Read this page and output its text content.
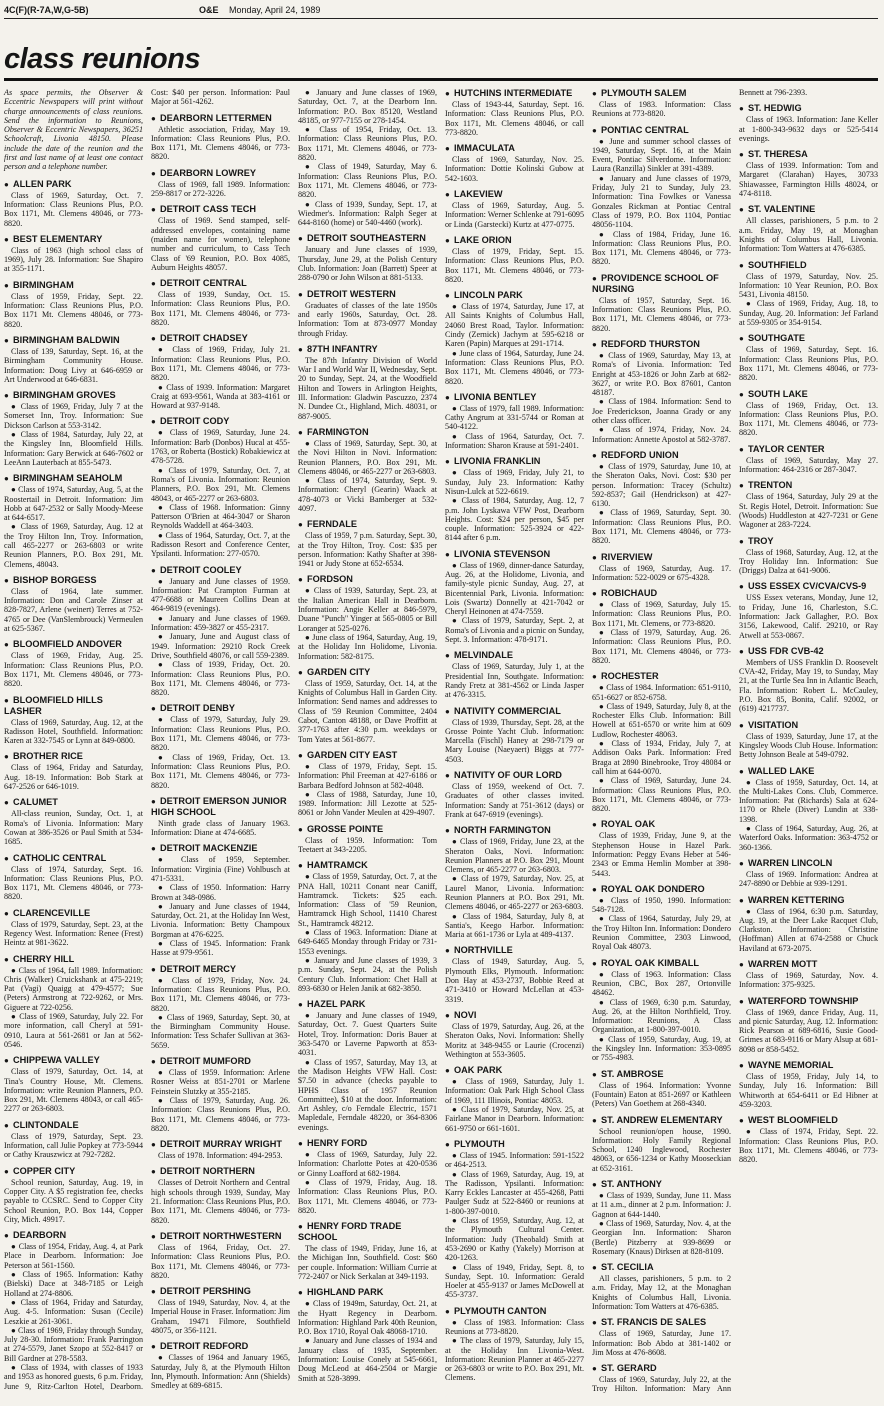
4C(F)(R-7A,W,G-5B)	O&E Monday, April 24, 1989
class reunions

As space permits, the Observer & Eccentric Newspapers will print without charge announcements of class reunions. Send the information to Reunions, Observer & Eccentric Newspapers, 36251 Schoolcraft, Livonia 48150. Please include the date of the reunion and the first and last name of at least one contact person and a telephone number.

● ALLEN PARK

Class of 1969, Saturday, Oct. 7. Information: Class Reunions Plus, P.O. Box 1171, Mt. Clemens 48046, or 773-8820.

● BEST ELEMENTARY

Class of 1963 (high school class of 1969), July 28. Information: Sue Shapiro at 355-1171.

● BIRMINGHAM

Class of 1959, Friday, Sept. 22. Information: Class Reunions Plus, P.O. Box 1171 Mt. Clemens 48046, or 773-8820.

● BIRMINGHAM BALDWIN

Class of 139, Saturday, Sept. 16, at the Birmingham Community House. Information: Doug Livy at 646-6959 or Art Underwood at 646-6831.

● BIRMINGHAM GROVES

● Class of 1969, Friday, July 7 at the Somerset Inn, Troy. Information: Sue Dickson Carlson at 553-3142.

● Class of 1984, Saturday, July 22, at the Kingsley Inn, Bloomfield Hills. Information: Gary Berwick at 646-7602 or LeeAnn Lauterbach at 855-5473.

● BIRMINGHAM SEAHOLM

● Class of 1974, Saturday, Aug. 5, at the Roostertail in Detroit. Information: Jim Hobb at 647-2532 or Sally Moody-Meese at 644-6517.

● Class of 1969, Saturday, Aug. 12 at the Troy Hilton Inn, Troy. Information, call 465-2277 or 263-6803 or write Reunion Planners, P.O. Box 291, Mt. Clemens, 48043.

● BISHOP BORGESS

Class of 1964, late summer. Information: Don and Carole Zinser at 828-7827, Arlene (weinert) Terres at 752-4765 or Dee (VanSlembrouck) Vermeulen at 625-5367.

● BLOOMFIELD ANDOVER

Class of 1969, Friday, Aug. 25. Information: Class Reunions Plus, P.O. Box 1171, Mt. Clemens 48046, or 773-8820.

● BLOOMFIELD HILLS LASHER

Class of 1969, Saturday, Aug. 12, at the Radisson Hotel, Southfield. Information: Karen at 332-7545 or Lynn at 849-0800.

● BROTHER RICE

Class of 1964, Friday and Saturday, Aug. 18-19. Information: Bob Stark at 647-2526 or 646-1019.

● CALUMET

All-class reunion, Sunday, Oct. 1, at Roma's of Livonia. Information: Mary Cowan at 386-3526 or Paul Smith at 534-1685.

● CATHOLIC CENTRAL

Class of 1974, Saturday, Sept. 16. Information: Class Reunions Plus, P.O. Box 1171, Mt. Clemens 48046, or 773-8820.

● CLARENCEVILLE

Class of 1979, Saturday, Sept. 23, at the Regency West. Information: Renee (Frest) Heintz at 981-3622.

● CHERRY HILL

● Class of 1964, fall 1989. Information: Chris (Walker) Cruickshank at 475-2219; Pat (Vagi) Quaigg at 479-4577; Sue (Peters) Armstrong at 722-9262, or Mrs. Giguere at 722-0256.

● Class of 1969, Saturday, July 22. For more information, call Cheryl at 591-0910, Laura at 561-2681 or Jan at 562-0546.

● CHIPPEWA VALLEY

Class of 1979, Saturday, Oct. 14, at Tina's Country House, Mt. Clemens. Information: write Reunion Planners, P.O. Box 291, Mt. Clemens 48043, or call 465-2277 or 263-6803.

● CLINTONDALE

Class of 1979, Saturday, Sept. 23. Information, call Julie Popkey at 773-5944 or Cathy Krauszwicz at 792-7282.

● COPPER CITY

School reunion, Saturday, Aug. 19, in Copper City. A $5 registration fee, checks payable to CCSRC. Send to Copper City School Reunion, P.O. Box 144, Copper City, Mich. 49917.

● DEARBORN

● Class of 1954, Friday, Aug. 4, at Park Place in Dearborn. Information: Joe Peterson at 561-1560.

● Class of 1965. Information: Kathy (Bielski) Dace at 348-7185 or Leigh Holland at 274-8806.

● Class of 1964, Friday and Saturday, Aug. 4-5. Information: Susan (Cecile) Leszkie at 261-3061.

● Class of 1969, Friday through Sunday, July 28-30. Information: Frank Parrington at 274-5579, Janet Szopo at 552-8417 or Bill Gardner at 278-5583.

● Class of 1934, with classes of 1933 and 1953 as honored guests, 6 p.m. Friday, June 9, Ritz-Carlton Hotel, Dearborn. Cost: $40 per person. Information: Paul Major at 561-4262.

● DEARBORN LETTERMEN

Athletic association, Friday, May 19. Information: Class Reunions Plus, P.O. Box 1171, Mt. Clemens 48046, or 773-8820.

● DEARBORN LOWREY

Class of 1969, fall 1989. Information: 259-8817 or 272-3226.

● DETROIT CASS TECH

Class of 1969. Send stamped, self-addressed envelopes, containing name (maiden name for women), telephone number and curriculum, to Cass Tech Class of '69 Reunion, P.O. Box 4085, Auburn Heights 48057.

● DETROIT CENTRAL

Class of 1939, Sunday, Oct. 15. Information: Class Reunions Plus, P.O. Box 1171, Mt. Clemens 48046, or 773-8820.

● DETROIT CHADSEY

● Class of 1969, Friday, July 21. Information: Class Reunions Plus, P.O. Box 1171, Mt. Clemens 48046, or 773-8820.

● Class of 1939. Information: Margaret Craig at 693-9561, Wanda at 383-4161 or Howard at 937-9148.

● DETROIT CODY

● Class of 1969, Saturday, June 24. Information: Barb (Donbos) Hucal at 455-1763, or Roberta (Bostick) Robakiewicz at 478-5728.

● Class of 1979, Saturday, Oct. 7, at Roma's of Livonia. Information: Reunion Planners, P.O. Box 291, Mt. Clemens 48043, or 465-2277 or 263-6803.

● Class of 1968. Information: Ginny Patterson O'Brien at 464-3047 or Sharon Reynolds Waddell at 464-3403.

● Class of 1964, Saturday, Oct. 7, at the Radisson Resort and Conference Center, Ypsilanti. Information: 277-0570.

● DETROIT COOLEY

● January and June classes of 1959. Information: Pat Crampton Furman at 477-6688 or Maureen Collins Dean at 464-9819 (evenings).

● January and June classes of 1969. Information: 459-3827 or 455-2317.

● January, June and August class of 1949. Information: 29210 Rock Creek Drive, Southfield 48076, or call 559-2389.

● Class of 1939, Friday, Oct. 20. Information: Class Reunions Plus, P.O. Box 1171, Mt. Clemens 48046, or 773-8820.

● DETROIT DENBY

● Class of 1979, Saturday, July 29. Information: Class Reunions Plus, P.O. Box 1171, Mt. Clemens 48046, or 773-8820.

● Class of 1969, Friday, Oct. 13. Information: Class Reunions Plus, P.O. Box 1171, Mt. Clemens 48046, or 773-8820.

● DETROIT EMERSON JUNIOR HIGH SCHOOL

Ninth grade class of January 1963. Information: Diane at 474-6685.

● DETROIT MACKENZIE

● Class of 1959, September. Information: Virginia (Fine) Vohlbusch at 471-5331.

● Class of 1950. Information: Harry Brown at 348-0986.

● January and June classes of 1944, Saturday, Oct. 21, at the Holiday Inn West, Livonia. Information: Betty Champoux Borgman at 476-6225.

● Class of 1945. Information: Frank Hasse at 979-9561.

● DETROIT MERCY

● Class of 1979, Friday, Nov. 24. Information: Class Reunions Plus, P.O. Box 1171, Mt. Clemens 48046, or 773-8820.

● Class of 1969, Saturday, Sept. 30, at the Birmingham Community House. Information: Tess Schafer Sullivan at 363-5659.

● DETROIT MUMFORD

● Class of 1959. Information: Arlene Rosner Weiss at 851-2701 or Marlene Feinstein Slutzky at 355-2185.

● Class of 1979, Saturday, Aug. 26. Information: Class Reunions Plus, P.O. Box 1171, Mt. Clemens 48046, or 773-8820.

● DETROIT MURRAY WRIGHT

Class of 1978. Information: 494-2953.

● DETROIT NORTHERN

Classes of Detroit Northern and Central high schools through 1939, Sunday, May 21. Information: Class Reunions Plus, P.O. Box 1171, Mt. Clemens 48046, or 773-8820.

● DETROIT NORTHWESTERN

Class of 1964, Friday, Oct. 27. Information: Class Reunions Plus, P.O. Box 1171, Mt. Clemens 48046, or 773-8820.

● DETROIT PERSHING

Class of 1949, Saturday, Nov. 4, at the Imperial House in Fraser. Information: Jim Graham, 19471 Filmore, Southfield 48075, or 356-1121.

● DETROIT REDFORD

● Classes of 1964 and January 1965, Saturday, July 8, at the Plymouth Hilton Inn, Plymouth. Information: Ann (Shields) Smedley at 689-6815.

● January and June classes of 1969, Saturday, Oct. 7, at the Dearborn Inn. Information: P.O. Box 85120, Westland 48185, or 977-7155 or 278-1454.

● Class of 1954, Friday, Oct. 13. Information: Class Reunions Plus, P.O. Box 1171, Mt. Clemens 48046, or 773-8820.

● Class of 1949, Saturday, May 6. Information: Class Reunions Plus, P.O. Box 1171, Mt. Clemens 48046, or 773-8820.

● Class of 1939, Sunday, Sept. 17, at Wiedmer's. Information: Ralph Seger at 644-8160 (home) or 540-4460 (work).

● DETROIT SOUTHEASTERN

January and June classes of 1939, Thursday, June 29, at the Polish Century Club. Information: Joan (Barrett) Speer at 288-0790 or John Wilson at 881-5133.

● DETROIT WESTERN

Graduates of classes of the late 1950s and early 1960s, Saturday, Oct. 28. Information: Tom at 873-0977 Monday through Friday.

● 87TH INFANTRY

The 87th Infantry Division of World War I and World War II, Wednesday, Sept. 20 to Sunday, Sept. 24, at the Woodfield Hilton and Towers in Arlington Heights, Ill. Information: Gladwin Pascuzzo, 2374 N. Dundee Ct., Highland, Mich. 48031, or 887-9005.

● FARMINGTON

● Class of 1969, Saturday, Sept. 30, at the Novi Hilton in Novi. Information: Reunion Planners, P.O. Box 291, Mt. Clemens 48046, or 465-2277 or 263-6803.

● Class of 1974, Saturday, Sept. 9. Information: Cheryl (Gearin) Waack at 478-4073 or Vicki Bamberger at 532-4097.

● FERNDALE

Class of 1959, 7 p.m. Saturday, Sept. 30, at the Troy Hilton, Troy. Cost: $35 per person. Information: Kathy Shafter at 398-1941 or Judy Stone at 652-6534.

● FORDSON

● Class of 1939, Saturday, Sept. 23, at the Italian American Hall in Dearborn. Information: Angie Keller at 846-5979, Duane "Punch" Yinger at 565-0805 or Bill Loranger at 525-0276.

● June class of 1964, Saturday, Aug. 19, at the Holiday Inn Holidome, Livonia. Information: 582-8175.

● GARDEN CITY

Class of 1959, Saturday, Oct. 14, at the Knights of Columbus Hall in Garden City. Information: Send names and addresses to Class of '59 Reunion Committee, 2404 Cabot, Canton 48188, or Dave Proffitt at 377-1763 after 4:30 p.m. weekdays or Tom Yates at 561-8677.

● GARDEN CITY EAST

● Class of 1979, Friday, Sept. 15. Information: Phil Freeman at 427-6186 or Barbara Bedford Johnson at 582-4048.

● Class of 1988, Saturday, June 10, 1989. Information: Jill Lezotte at 525-8061 or John Vander Meulen at 429-4907.

● GROSSE POINTE

Class of 1959. Information: Tom Teetaert at 343-2205.

● HAMTRAMCK

● Class of 1959, Saturday, Oct. 7, at the PNA Hall, 10211 Conant near Caniff, Hamtramck. Tickets: $25 each. Information: Class of '59 Reunion, Hamtramck High School, 11410 Charest St., Hamtramck 48212.

● Class of 1963. Information: Diane at 649-6465 Monday through Friday or 731-1553 evenings.

● January and June classes of 1939, 3 p.m. Sunday, Sept. 24, at the Polish Century Club. Information: Chet Hall at 893-6830 or Helen Janik at 682-3850.

● HAZEL PARK

● January and June classes of 1949, Saturday, Oct. 7. Guest Quarters Suite Hotel, Troy. Information: Doris Bauer at 363-5470 or Laverne Papworth at 853-4031.

● Class of 1957, Saturday, May 13, at the Madison Heights VFW Hall. Cost: $7.50 in advance (checks payable to HPHS Class of 1957 Reunion Committee), $10 at the door. Information: Art Ashley, c/o Ferndale Electric, 1571 Mapledale, Ferndale 48220, or 364-8306 evenings.

● HENRY FORD

● Class of 1969, Saturday, July 22. Information: Charlotte Potes at 420-0536 or Ginny Loafford at 682-1984.

● Class of 1979, Friday, Aug. 18. Information: Class Reunions Plus, P.O. Box 1171, Mt. Clemens 48046, or 773-8820.

● HENRY FORD TRADE SCHOOL

The class of 1949, Friday, June 16, at the Michigan Inn, Southfield. Cost: $60 per couple. Information: William Currie at 772-2407 or Nick Serkalan at 349-1193.

● HIGHLAND PARK

● Class of 1949m, Saturday, Oct. 21, at the Hyatt Regency in Dearborn. Information: Highland Park 40th Reunion, P.O. Box 1710, Royal Oak 48068-1710.

● January and June classes of 1934 and January class of 1935, September. Information: Louise Conely at 545-6661, Doug McLeod at 464-2504 or Margie Smith at 528-3899.

● HUTCHINS INTERMEDIATE

Class of 1943-44, Saturday, Sept. 16. Information: Class Reunions Plus, P.O. Box 1171, Mt. Clemens 48046, or call 773-8820.

● IMMACULATA

Class of 1969, Saturday, Nov. 25. Information: Dottie Kolinski Gubow at 542-1603.

● LAKEVIEW

Class of 1969, Saturday, Aug. 5. Information: Werner Schlenke at 791-6095 or Linda (Garstecki) Kurtz at 477-0775.

● LAKE ORION

Class of 1979, Friday, Sept. 15. Information: Class Reunions Plus, P.O. Box 1171, Mt. Clemens 48046, or 773-8820.

● LINCOLN PARK

● Class of 1974, Saturday, June 17, at All Saints Knights of Columbus Hall, 24060 Brest Road, Taylor. Information: Cindy (Zernick) Jachym at 595-6218 or Karen (Papin) Marques at 291-1714.

● June class of 1964, Saturday, June 24. Information: Class Reunions Plus, P.O. Box 1171, Mt. Clemens 48046, or 773-8820.

● LIVONIA BENTLEY

● Class of 1979, fall 1989. Information: Cathy Angrum at 331-5744 or Roman at 540-4122.

● Class of 1964, Saturday, Oct. 7. Information: Sharon Krause at 591-2401.

● LIVONIA FRANKLIN

● Class of 1969, Friday, July 21, to Sunday, July 23. Information: Kathy Nisun-Lulck at 522-6619.

● Class of 1984, Saturday, Aug. 12, 7 p.m. John Lyskawa VFW Post, Dearborn Heights. Cost: $24 per person, $45 per couple. Information: 525-3924 or 422-8144 after 6 p.m.

● LIVONIA STEVENSON

● Class of 1969, dinner-dance Saturday, Aug. 26, at the Holidome, Livonia, and family-style picnic Sunday, Aug. 27, at Bicentennial Park, Livonia. Information: Lois (Swartz) Donnelly at 421-7042 or Cheryl Heinonen at 474-7559.

● Class of 1979, Saturday, Sept. 2, at Roma's of Livonia and a picnic on Sunday, Sept. 3. Information: 478-9171.

● MELVINDALE

Class of 1969, Saturday, July 1, at the Presidential Inn, Southgate. Information: Randy Fretz at 381-4562 or Linda Jasper at 476-3315.

● NATIVITY COMMERCIAL

Class of 1939, Thursday, Sept. 28, at the Grosse Pointe Yacht Club. Information: Marcella (Fischl) Haney at 298-7179 or Mary Louise (Naeyaert) Biggs at 777-4503.

● NATIVITY OF OUR LORD

Class of 1959, weekend of Oct. 7. Graduates of other classes invited. Information: Sandy at 751-3612 (days) or Frank at 647-6919 (evenings).

● NORTH FARMINGTON

● Class of 1969, Friday, June 23, at the Sheraton Oaks, Novi. Information: Reunion Planners at P.O. Box 291, Mount Clemens, or 465-2277 or 263-6803.

● Class of 1979, Saturday, Nov. 25, at Laurel Manor, Livonia. Information: Reunion Planners at P.O. Box 291, Mt. Clemens 48046, or 465-2277 or 263-6803.

● Class of 1984, Saturday, July 8, at Santia's, Keego Harbor. Information: Maria at 661-1736 or Lyla at 489-4137.

● NORTHVILLE

Class of 1949, Saturday, Aug. 5, Plymouth Elks, Plymouth. Information: Don Hay at 453-2737, Bobbie Reed at 471-3410 or Howard McLellan at 453-3319.

● NOVI

Class of 1979, Saturday, Aug. 26, at the Sheraton Oaks, Novi. Information: Shelly Moritz at 348-9455 or Laurie (Crocenzi) Wethington at 553-3605.

● OAK PARK

● Class of 1969, Saturday, July 1. Information: Oak Park High School Class of 1969, 111 Illinois, Pontiac 48053.

● Class of 1979, Saturday, Nov. 25, at Fairlane Manor in Dearborn. Information: 661-9750 or 661-1601.

● PLYMOUTH

● Class of 1945. Information: 591-1522 or 464-2513.

● Class of 1969, Saturday, Aug. 19, at The Radisson, Ypsilanti. Information: Karry Eckles Lancaster at 455-4268, Patti Paulger Sudz at 522-8460 or reunions at 1-800-397-0010.

● Class of 1959, Saturday, Aug. 12, at the Plymouth Cultural Center. Information: Judy (Theobald) Smith at 453-2690 or Kathy (Yakely) Morrison at 420-1263.

● Class of 1949, Friday, Sept. 8, to Sunday, Sept. 10. Information: Gerald Hoeler at 455-9137 or James McDowell at 455-3737.

● PLYMOUTH CANTON

● Class of 1983. Information: Class Reunions at 773-8820.

● The class of 1979, Saturday, July 15, at the Holiday Inn Livonia-West. Information: Reunion Planner at 465-2277 or 263-6803 or write to P.O. Box 291, Mt. Clemens.

● PLYMOUTH SALEM

Class of 1983. Information: Class Reunions at 773-8820.

● PONTIAC CENTRAL

● June and summer school classes of 1949, Saturday, Sept. 16, at the Main Event, Pontiac Silverdome. Information: Laura (Ranzilla) Sinkler at 391-4389.

● January and June classes of 1979, Friday, July 21 to Sunday, July 23. Information: Tina Fowlkes or Vanessa Gonzales Rickman at Pontiac Central Class of 1979, P.O. Box 1104, Pontiac 48056-1104.

● Class of 1984, Friday, June 16. Information: Class Reunions Plus, P.O. Box 1171, Mt. Clemens 48046, or 773-8820.

● PROVIDENCE SCHOOL OF NURSING

Class of 1957, Saturday, Sept. 16. Information: Class Reunions Plus, P.O. Box 1171, Mt. Clemens 48046, or 773-8820.

● REDFORD THURSTON

● Class of 1969, Saturday, May 13, at Roma's of Livonia. Information: Ted Enright at 453-1826 or John Zarb at 682-3627, or write P.O. Box 87601, Canton 48187.

● Class of 1984. Information: Send to Joe Frederickson, Joanna Grady or any other class officer.

● Class of 1974, Friday, Nov. 24. Information: Annette Apostol at 582-3787.

● REDFORD UNION

● Class of 1979, Saturday, June 10, at the Sheraton Oaks, Novi. Cost: $30 per person. Information: Tracey (Schultz) 592-8537; Gail (Hendrickson) at 427-6130.

● Class of 1969, Saturday, Sept. 30. Information: Class Reunions Plus, P.O. Box 1171, Mt. Clemens 48046, or 773-8820.

● RIVERVIEW

Class of 1969, Saturday, Aug. 17. Information: 522-0029 or 675-4328.

● ROBICHAUD

● Class of 1969, Saturday, July 15. Information: Class Reunions Plus, P.O. Box 1171, Mt. Clemens, or 773-8820.

● Class of 1979, Saturday, Aug. 26. Information: Class Reunions Plus, P.O. Box 1171, Mt. Clemens 48046, or 773-8820.

● ROCHESTER

● Class of 1984. Information: 651-9110, 651-6627 or 852-6758.

● Class of 1949, Saturday, July 8, at the Rochester Elks Club. Information: Bill Howell at 651-6570 or write him at 609 Ludlow, Rochester 48063.

● Class of 1934, Friday, July 7, at Addison Oaks Park. Information: Fred Braga at 2890 Binebrooke, Troy 48084 or call him at 644-0070.

● Class of 1969, Saturday, June 24. Information: Class Reunions Plus, P.O. Box 1171, Mt. Clemens 48046, or 773-8820.

● ROYAL OAK

Class of 1939, Friday, June 9, at the Stephenson House in Hazel Park. Information: Peggy Evans Heber at 546-2343 or Emma Hemlin Momber at 398-5443.

● ROYAL OAK DONDERO

● Class of 1950, 1990. Information: 548-7128.

● Class of 1964, Saturday, July 29, at the Troy Hilton Inn. Information: Dondero Reunion Committee, 2303 Linwood, Royal Oak 48073.

● ROYAL OAK KIMBALL

● Class of 1963. Information: Class Reunion, CBC, Box 287, Ortonville 48462.

● Class of 1969, 6:30 p.m. Saturday, Aug. 26, at the Hilton Northfield, Troy. Information: Reunions, A Class Organization, at 1-800-397-0010.

● Class of 1959, Saturday, Aug. 19, at the Kingsley Inn. Information: 353-0895 or 755-4983.

● ST. AMBROSE

Class of 1964. Information: Yvonne (Fountain) Eaton at 851-2697 or Kathleen (Peters) Van Goethem at 268-4340.

● ST. ANDREW ELEMENTARY

School reunion/open house, 1990. Information: Holy Family Regional School, 1240 Inglewood, Rochester 48063, or 656-1234 or Kathy Mooseckian at 652-3161.

● ST. ANTHONY

● Class of 1939, Sunday, June 11. Mass at 11 a.m., dinner at 2 p.m. Information: J. Gagnon at 644-1440.

● Class of 1969, Saturday, Nov. 4, at the Georgian Inn. Information: Sharon (Bertle) Pitzberry at 939-8699 or Rosemary (Knaus) Dirksen at 828-8109.

● ST. CECILIA

All classes, parishioners, 5 p.m. to 2 a.m. Friday, May 12, at the Monaghan Knights of Columbus Hall, Livonia. Information: Tom Watters at 476-6385.

● ST. FRANCIS DE SALES

Class of 1969, Saturday, June 17. Information: Bob Abdo at 381-1402 or Jim Moss at 476-8608.

● ST. GERARD

Class of 1969, Saturday, July 22, at the Troy Hilton. Information: Mary Ann Bennett at 796-2393.

● ST. HEDWIG

Class of 1963. Information: Jane Keller at 1-800-343-9632 days or 525-5414 evenings.

● ST. THERESA

Class of 1939. Information: Tom and Margaret (Clarahan) Hayes, 30733 Shiawassee, Farmington Hills 48024, or 474-8118.

● ST. VALENTINE

All classes, parishioners, 5 p.m. to 2 a.m. Friday, May 19, at Monaghan Knights of Columbus Hall, Livonia. Information: Tom Watters at 476-6385.

● SOUTHFIELD

Class of 1979, Saturday, Nov. 25. Information: 10 Year Reunion, P.O. Box 5431, Livonia 48150.

● Class of 1969, Friday, Aug. 18, to Sunday, Aug. 20. Information: Jef Farland at 559-9305 or 354-9154.

● SOUTHGATE

Class of 1969, Saturday, Sept. 16. Information: Class Reunions Plus, P.O. Box 1171, Mt. Clemens 48046, or 773-8820.

● SOUTH LAKE

Class of 1969, Friday, Oct. 13. Information: Class Reunions Plus, P.O. Box 1171, Mt. Clemens 48046, or 773-8820.

● TAYLOR CENTER

Class of 1969, Saturday, May 27. Information: 464-2316 or 287-3047.

● TRENTON

Class of 1964, Saturday, July 29 at the St. Regis Hotel, Detroit. Information: Sue (Woods) Huddleston at 427-7231 or Gene Wagoner at 283-7224.

● TROY

Class of 1968, Saturday, Aug. 12, at the Troy Holiday Inn. Information: Sue (Driggs) Dalza at 641-9006.

● USS ESSEX CV/CVA/CVS-9

USS Essex veterans, Monday, June 12, to Friday, June 16, Charleston, S.C. Information: Jack Gallagher, P.O. Box 3156, Lakewood, Calif. 29210, or Ray Atwell at 553-0867.

● USS FDR CVB-42

Members of USS Franklin D. Roosevelt CVA-42, Friday, May 19, to Sunday, May 21, at the Turtle Sea Inn in Atlantic Beach, Fla. Information: Robert L. McCauley, P.O. Box 85, Bonita, Calif. 92002, or (619) 4217737.

● VISITATION

Class of 1939, Saturday, June 17, at the Kingsley Woods Club House. Information: Betty Johnson Beale at 549-0792.

● WALLED LAKE

● Class of 1959, Saturday, Oct. 14, at the Multi-Lakes Cons. Club, Commerce. Information: Pat (Richards) Sala at 624-1170 or Rhele (Diver) Lundin at 338-1398.

● Class of 1964, Saturday, Aug. 26, at Waterford Oaks. Information: 363-4752 or 360-1366.

● WARREN LINCOLN

Class of 1969. Information: Andrea at 247-8890 or Debbie at 939-1291.

● WARREN KETTERING

● Class of 1964, 6:30 p.m. Saturday, Aug. 19, at the Deer Lake Racquet Club, Clarkston. Information: Christine (Hoffman) Allen at 674-2588 or Chuck Haviland at 673-2075.

● WARREN MOTT

Class of 1969, Saturday, Nov. 4. Information: 375-9325.

● WATERFORD TOWNSHIP

Class of 1969, dance Friday, Aug. 11, and picnic Saturday, Aug. 12. Information: Rick Pearson at 689-6816, Susie Good-Grimes at 683-9116 or Mary Alsup at 681-8098 or 858-5452.

● WAYNE MEMORIAL

Class of 1959, Friday, July 14, to Sunday, July 16. Information: Bill Whitworth at 654-6411 or Ed Hibner at 459-3203.

● WEST BLOOMFIELD

● Class of 1974, Friday, Sept. 22. Information: Class Reunions Plus, P.O. Box 1171, Mt. Clemens 48046, or 773-8820.
